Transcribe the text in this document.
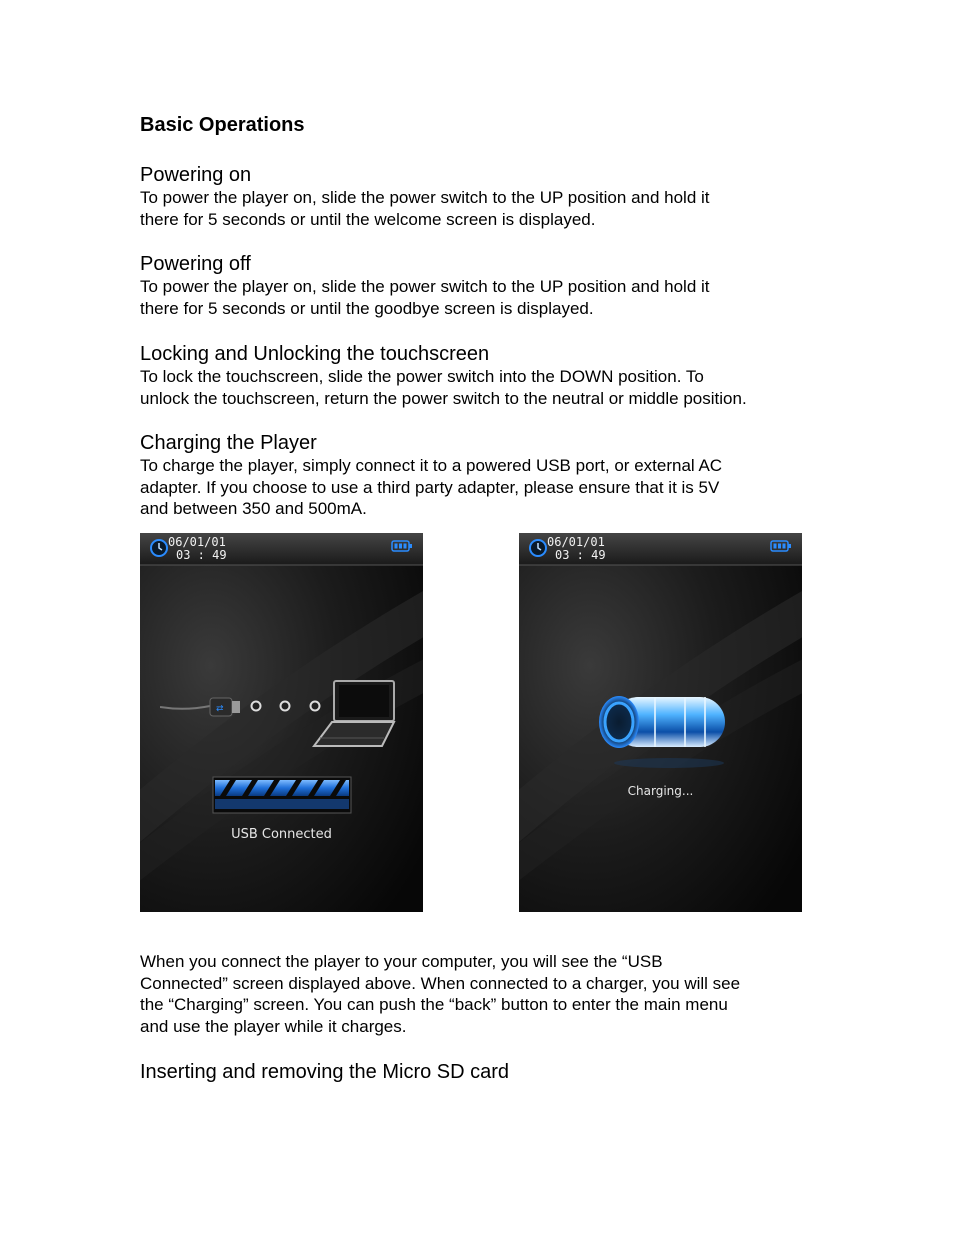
Basic Operations
Powering on

To power the player on, slide the power switch to the UP position and hold it
there for 5 seconds or until the welcome screen is displayed.

Powering off

To power the player on, slide the power switch to the UP position and hold it
there for 5 seconds or until the goodbye screen is displayed.

Locking and Unlocking the touchscreen

To lock the touchscreen, slide the power switch into the DOWN position. To
unlock the touchscreen, return the power switch to the neutral or middle position.

Charging the Player

To charge the player, simply connect it to a powered USB port, or external AC
adapter. If you choose to use a third party adapter, please ensure that it is 5V
and between 350 and 500mA.

06/01/01
03 : 49
⇄
USB Connected
06/01/01
03 : 49
Charging...

When you connect the player to your computer, you will see the “USB
Connected” screen displayed above. When connected to a charger, you will see
the “Charging” screen. You can push the “back” button to enter the main menu
and use the player while it charges.

Inserting and removing the Micro SD card
